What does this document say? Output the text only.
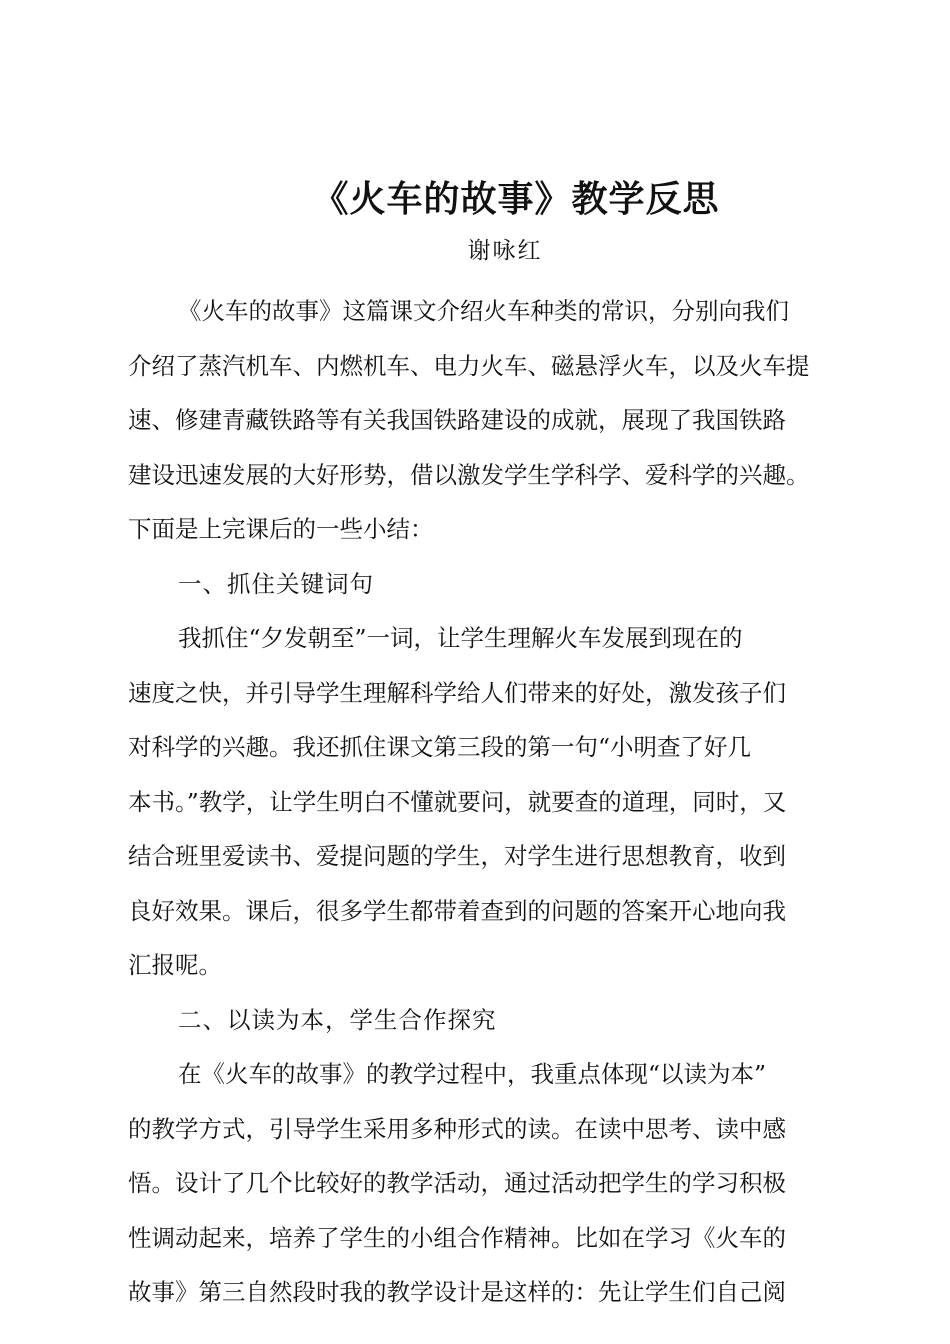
《火车的故事》教学反思
谢咏红
《火车的故事》这篇课文介绍火车种类的常识，分别向我们
介绍了蒸汽机车、内燃机车、电力火车、磁悬浮火车，以及火车提
速、修建青藏铁路等有关我国铁路建设的成就，展现了我国铁路
建设迅速发展的大好形势，借以激发学生学科学、爱科学的兴趣。
下面是上完课后的一些小结：
一、抓住关键词句
我抓住“夕发朝至”一词，让学生理解火车发展到现在的
速度之快，并引导学生理解科学给人们带来的好处，激发孩子们
对科学的兴趣。我还抓住课文第三段的第一句“小明查了好几
本书。”教学，让学生明白不懂就要问，就要查的道理，同时，又
结合班里爱读书、爱提问题的学生，对学生进行思想教育，收到
良好效果。课后，很多学生都带着查到的问题的答案开心地向我
汇报呢。
二、以读为本，学生合作探究
在《火车的故事》的教学过程中，我重点体现“以读为本”
的教学方式，引导学生采用多种形式的读。在读中思考、读中感
悟。设计了几个比较好的教学活动，通过活动把学生的学习积极
性调动起来，培养了学生的小组合作精神。比如在学习《火车的
故事》第三自然段时我的教学设计是这样的：先让学生们自己阅
